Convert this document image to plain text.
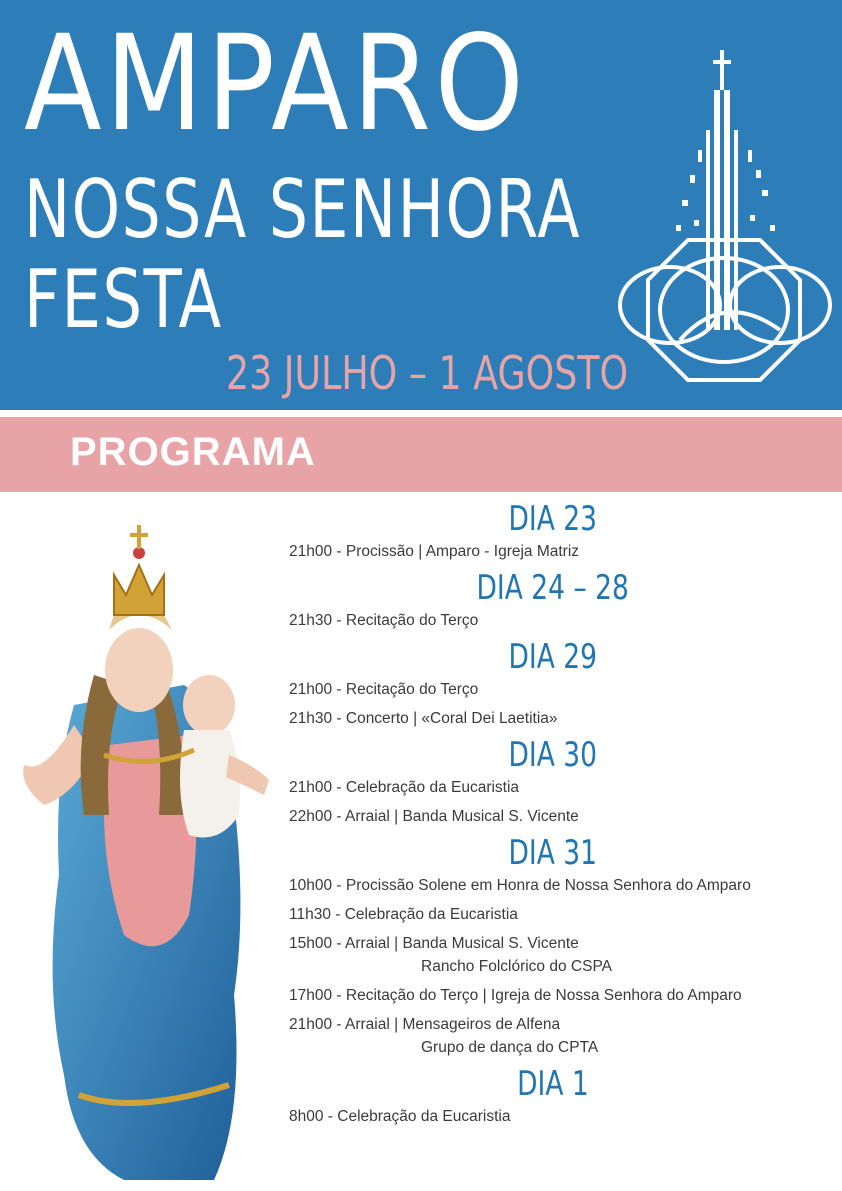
AMPARO
NOSSA SENHORA
FESTA
23 JULHO – 1 AGOSTO
PROGRAMA
DIA 23
21h00 - Procissão | Amparo - Igreja Matriz
DIA 24 – 28
21h30 - Recitação do Terço
DIA 29
21h00 - Recitação do Terço
21h30 - Concerto | «Coral Dei Laetitia»
DIA 30
21h00 - Celebração da Eucaristia
22h00 - Arraial | Banda Musical S. Vicente
DIA 31
10h00 - Procissão Solene em Honra de Nossa Senhora do Amparo
11h30 - Celebração da Eucaristia
15h00 - Arraial | Banda Musical S. Vicente
Rancho Folclórico do CSPA
17h00 - Recitação do Terço | Igreja de Nossa Senhora do Amparo
21h00 - Arraial | Mensageiros de Alfena
Grupo de dança do CPTA
DIA 1
8h00 - Celebração da Eucaristia
